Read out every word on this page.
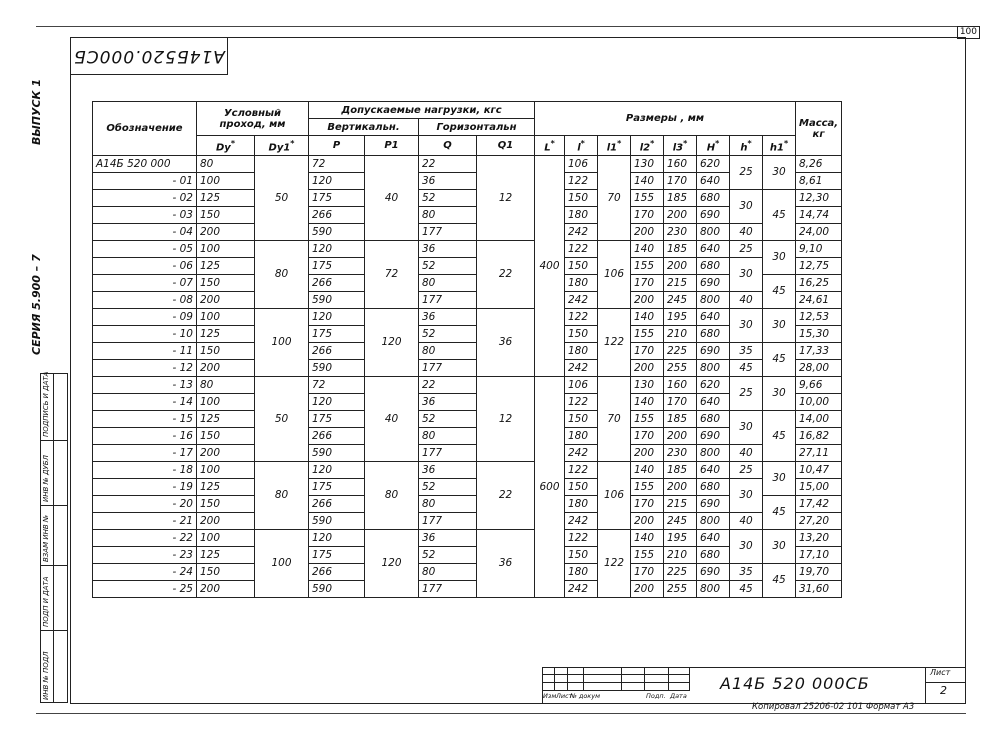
100
А14Б520.000СБ
ВЫПУСК 1
СЕРИЯ 5.900 – 7
ИНВ № ПОДЛ
ПОДП И ДАТА
ВЗАМ ИНВ №
ИНВ № ДУБЛ
ПОДПИСЬ И ДАТА
Обозначение	Условный проход, мм		Допускаемые нагрузки, кгс				Размеры , мм								Масса, кг
			Вертикальн.		Горизонтальн										
	Dу*	Dу1*	P	P1	Q	Q1	L*	l*	l1*	l2*	l3*	H*	h*	h1*
А14Б 520 000	80	50	72	40	22	12	400	106	70	130	160	620	25	30	8,26
- 01	100		120		36			122		140	170	640			8,61
- 02	125		175		52			150		155	185	680	30	45	12,30
- 03	150		266		80			180		170	200	690			14,74
- 04	200		590		177			242		200	230	800	40		24,00
- 05	100	80	120	72	36	22		122	106	140	185	640	25	30	9,10
- 06	125		175		52			150		155	200	680	30		12,75
- 07	150		266		80			180		170	215	690		45	16,25
- 08	200		590		177			242		200	245	800	40		24,61
- 09	100	100	120	120	36	36		122	122	140	195	640	30	30	12,53
- 10	125		175		52			150		155	210	680			15,30
- 11	150		266		80			180		170	225	690	35	45	17,33
- 12	200		590		177			242		200	255	800	45		28,00
- 13	80	50	72	40	22	12	600	106	70	130	160	620	25	30	9,66
- 14	100		120		36			122		140	170	640			10,00
- 15	125		175		52			150		155	185	680	30	45	14,00
- 16	150		266		80			180		170	200	690			16,82
- 17	200		590		177			242		200	230	800	40		27,11
- 18	100	80	120	80	36	22		122	106	140	185	640	25	30	10,47
- 19	125		175		52			150		155	200	680	30		15,00
- 20	150		266		80			180		170	215	690		45	17,42
- 21	200		590		177			242		200	245	800	40		27,20
- 22	100	100	120	120	36	36		122	122	140	195	640	30	30	13,20
- 23	125		175		52			150		155	210	680			17,10
- 24	150		266		80			180		170	225	690	35	45	19,70
- 25	200		590		177			242		200	255	800	45		31,60
Изм Лист
№ докум	Подп. Дата
А14Б 520 000СБ
Лист
2
Копировал 25206-02 101 Формат А3
